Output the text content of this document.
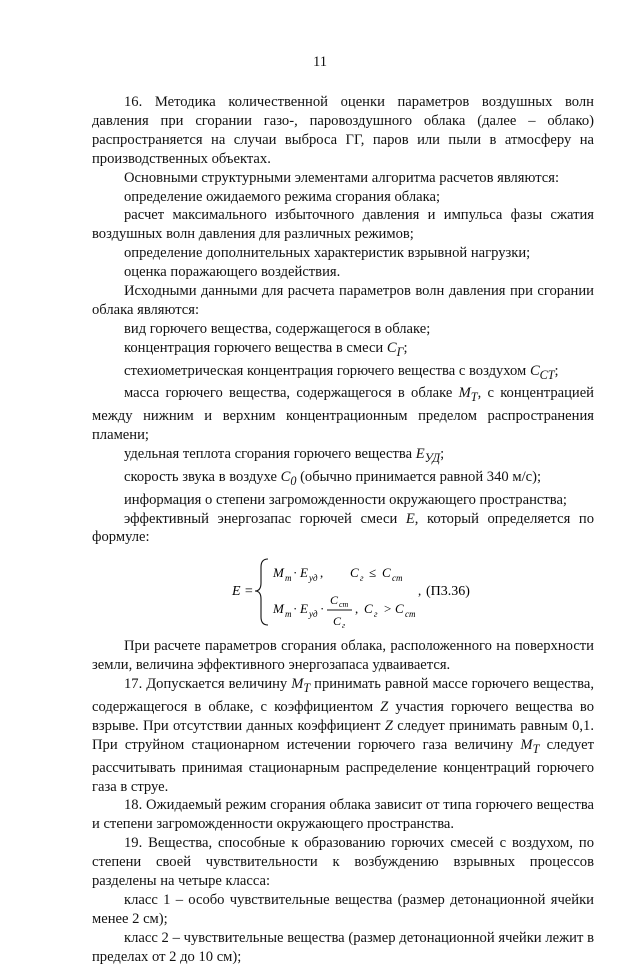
11

16. Методика количественной оценки параметров воздушных волн давления при сгорании газо-, паровоздушного облака (далее – облако) распространяется на случаи выброса ГГ, паров или пыли в атмосферу на производственных объектах.

Основными структурными элементами алгоритма расчетов являются:

определение ожидаемого режима сгорания облака;

расчет максимального избыточного давления и импульса фазы сжатия воздушных волн давления для различных режимов;

определение дополнительных характеристик взрывной нагрузки;

оценка поражающего воздействия.

Исходными данными для расчета параметров волн давления при сгорании облака являются:

вид горючего вещества, содержащегося в облаке;

концентрация горючего вещества в смеси $C_Г$;

стехиометрическая концентрация горючего вещества с воздухом $C_{СТ}$;

масса горючего вещества, содержащегося в облаке $M_Т$, с концентрацией между нижним и верхним концентрационным пределом распространения пламени;

удельная теплота сгорания горючего вещества $E_{УД}$;

скорость звука в воздухе $C_0$ (обычно принимается равной 340 м/с);

информация о степени загроможденности окружающего пространства;

эффективный энергозапас горючей смеси E, который определяется по формуле:

E =
M т · E уд , C г ≤ C ст
M т · E уд ·
C ст
C г
, C г > C ст
, (П3.36)

При расчете параметров сгорания облака, расположенного на поверхности земли, величина эффективного энергозапаса удваивается.

17. Допускается величину $M_Т$ принимать равной массе горючего вещества, содержащегося в облаке, с коэффициентом Z участия горючего вещества во взрыве. При отсутствии данных коэффициент Z следует принимать равным 0,1. При струйном стационарном истечении горючего газа величину $M_Т$ следует рассчитывать принимая стационарным распределение концентраций горючего газа в струе.

18. Ожидаемый режим сгорания облака зависит от типа горючего вещества и степени загроможденности окружающего пространства.

19. Вещества, способные к образованию горючих смесей с воздухом, по степени своей чувствительности к возбуждению взрывных процессов разделены на четыре класса:

класс 1 – особо чувствительные вещества (размер детонационной ячейки менее 2 см);

класс 2 – чувствительные вещества (размер детонационной ячейки лежит в пределах от 2 до 10 см);
